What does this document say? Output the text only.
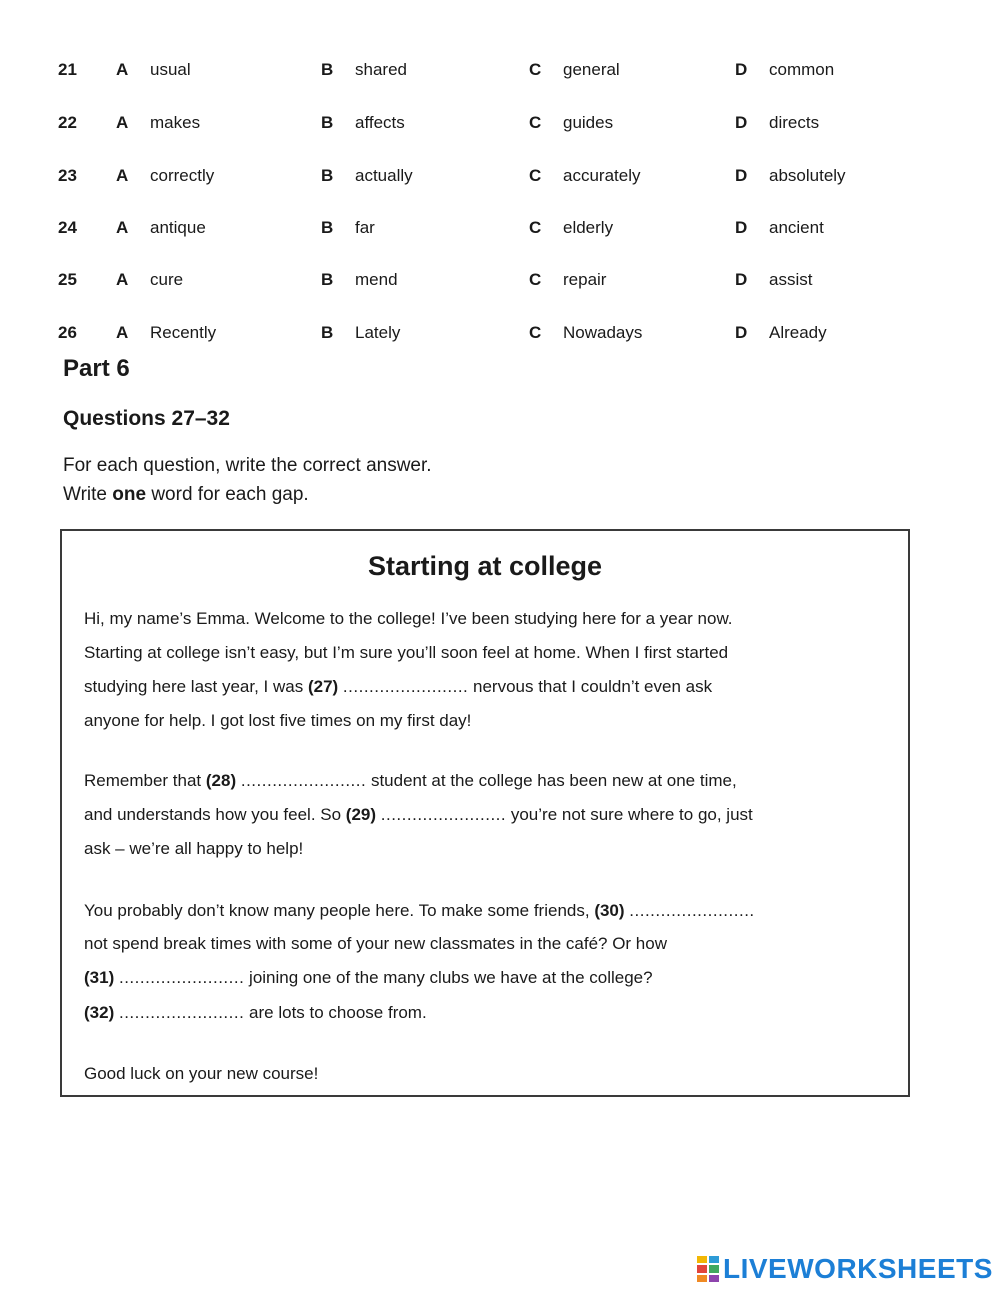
21 A usual	B shared	C general	D common
22 A makes	B affects	C guides	D directs
23 A correctly	B actually	C accurately	D absolutely
24 A antique	B far	C elderly	D ancient
25 A cure	B mend	C repair	D assist
26 A Recently	B Lately	C Nowadays	D Already
Part 6
Questions 27–32

For each question, write the correct answer.

Write one word for each gap.

Starting at college

Hi, my name’s Emma. Welcome to the college! I’ve been studying here for a year now.

Starting at college isn’t easy, but I’m sure you’ll soon feel at home. When I first started

studying here last year, I was (27) ........................ nervous that I couldn’t even ask

anyone for help. I got lost five times on my first day!

Remember that (28) ........................ student at the college has been new at one time,

and understands how you feel. So (29) ........................ you’re not sure where to go, just

ask – we’re all happy to help!

You probably don’t know many people here. To make some friends, (30) ........................

not spend break times with some of your new classmates in the café? Or how

(31) ........................ joining one of the many clubs we have at the college?

(32) ........................ are lots to choose from.

Good luck on your new course!

LIVEWORKSHEETS
